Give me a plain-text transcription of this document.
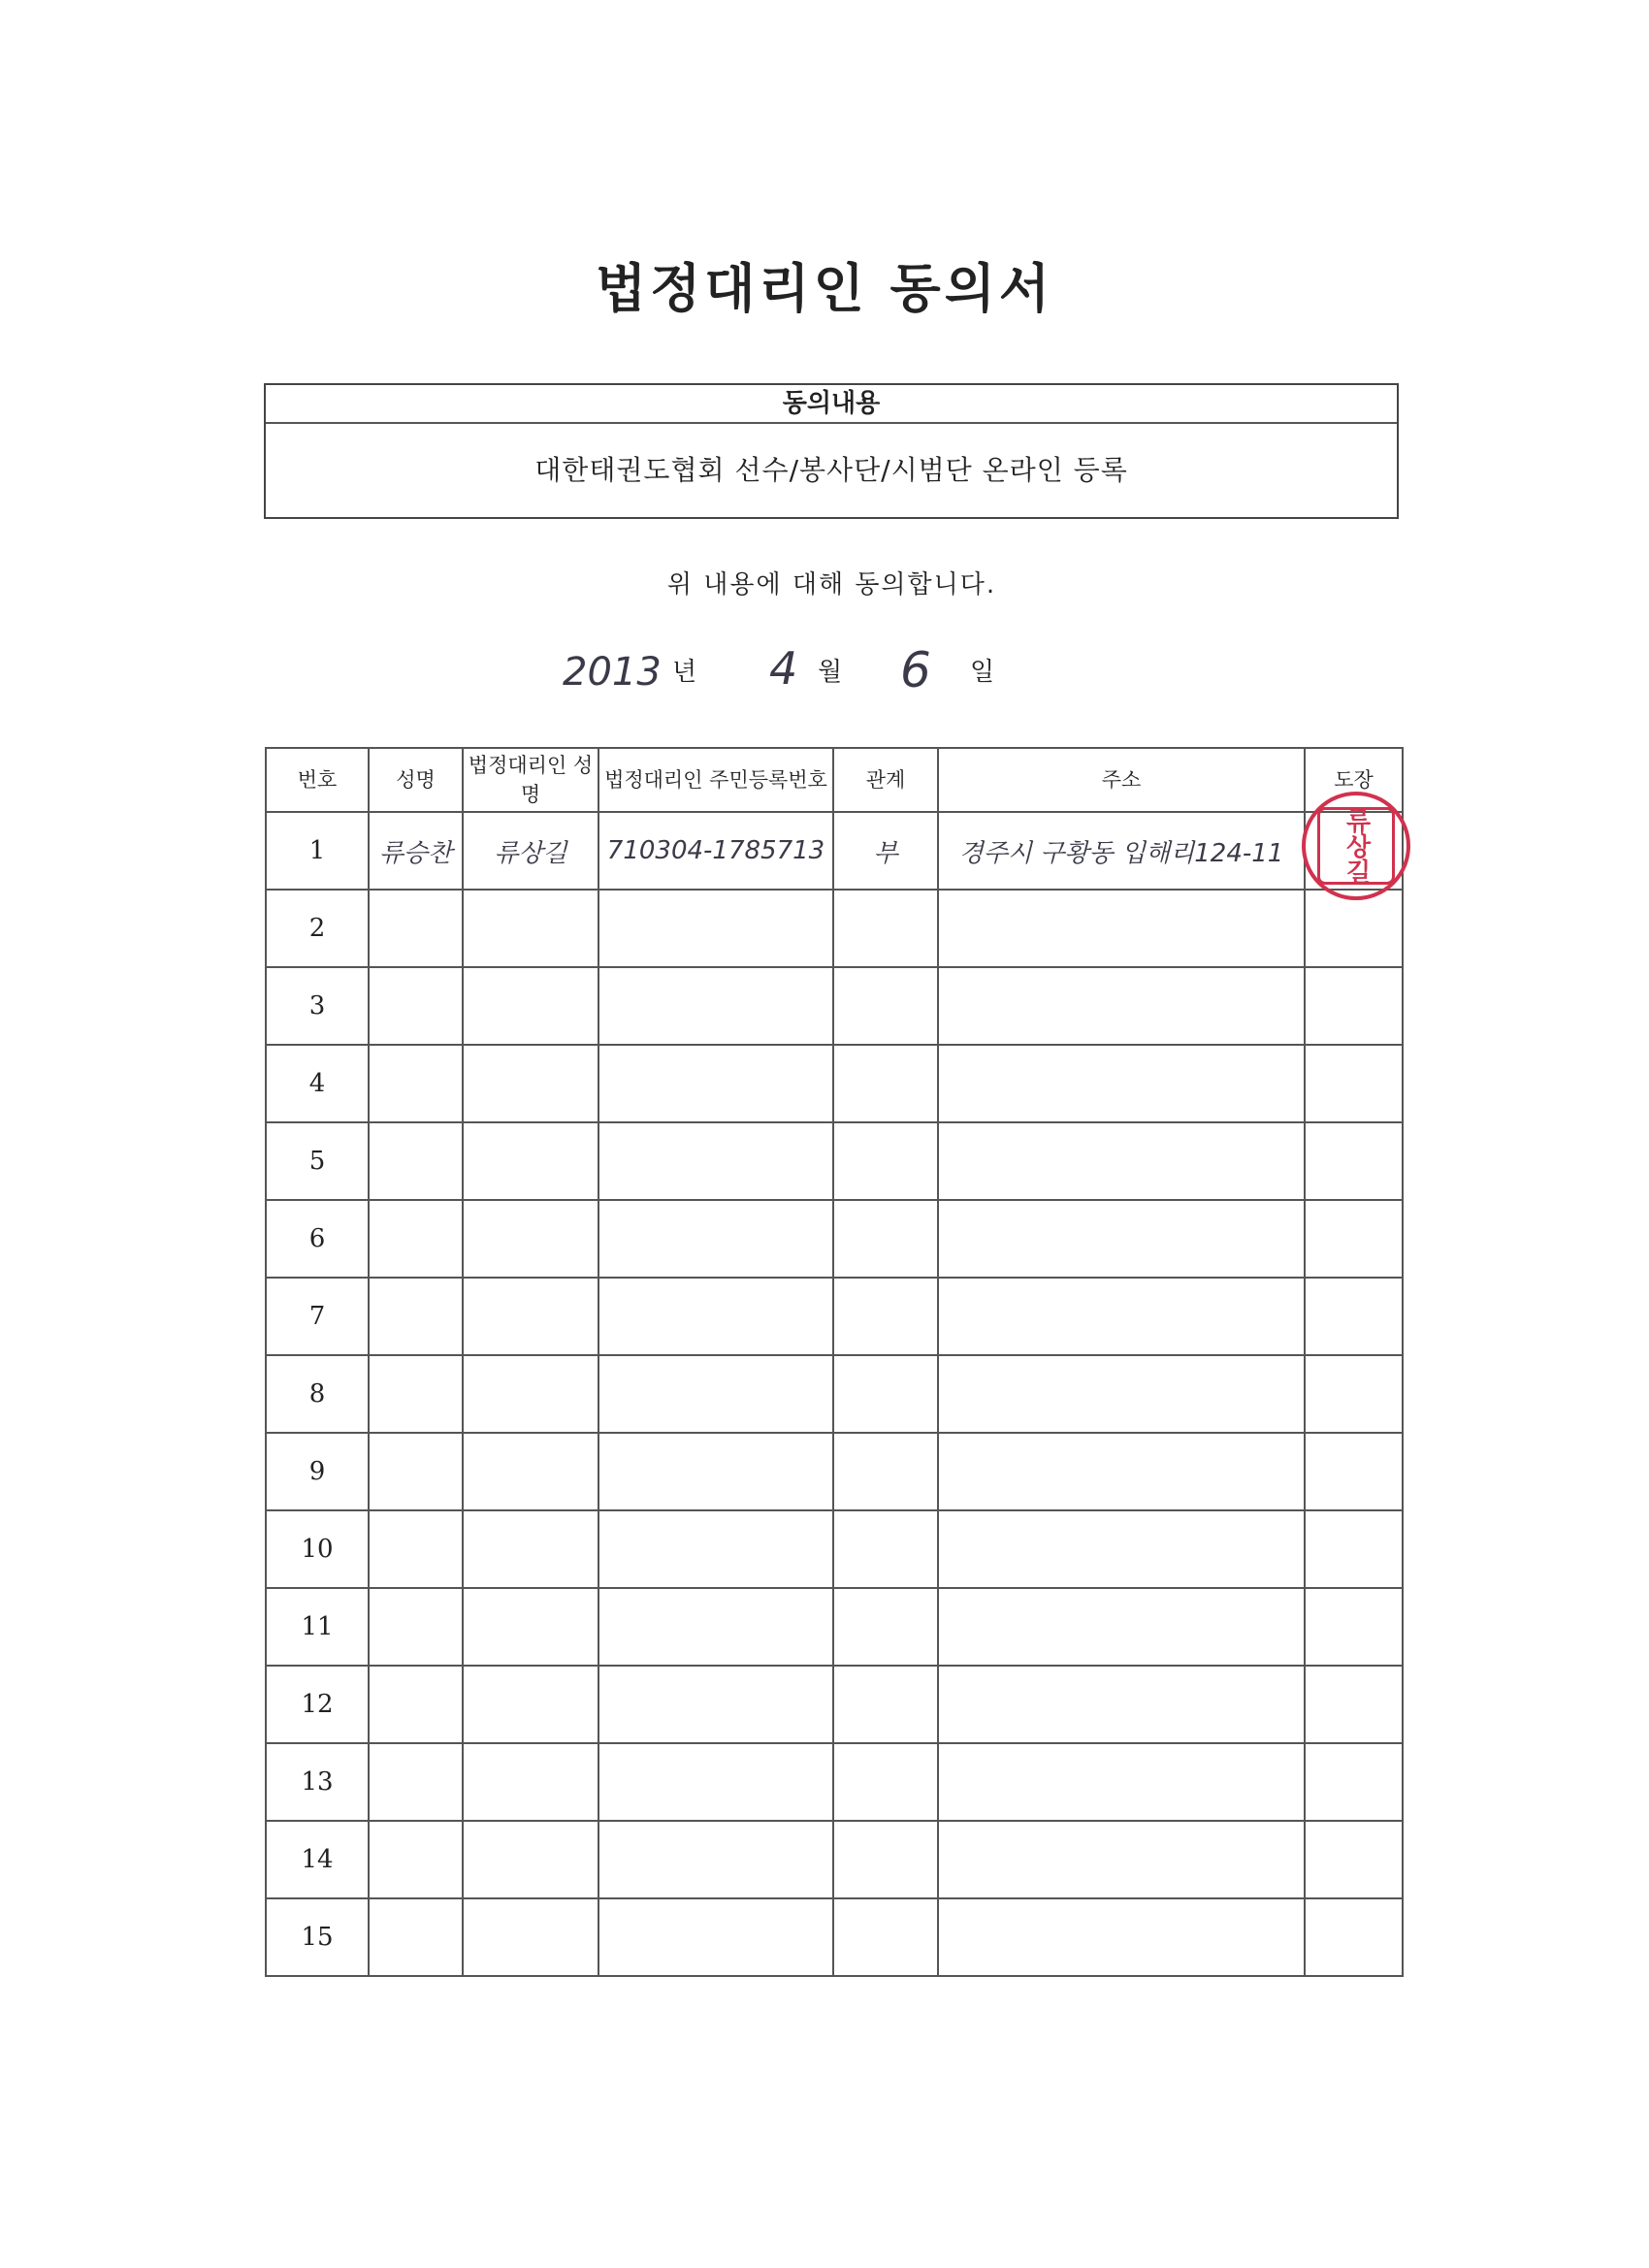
법정대리인 동의서
동의내용
대한태권도협회 선수/봉사단/시범단 온라인 등록
위 내용에 대해 동의합니다.
2013 년 4 월 6 일
번호	성명	법정대리인 성명	법정대리인 주민등록번호	관계	주소	도장
1	류승찬	류상길	710304-1785713	부	경주시 구황동 입해리124-11	류상길

2						
3						
4						
5						
6						
7						
8						
9						
10						
11						
12						
13						
14						
15						
